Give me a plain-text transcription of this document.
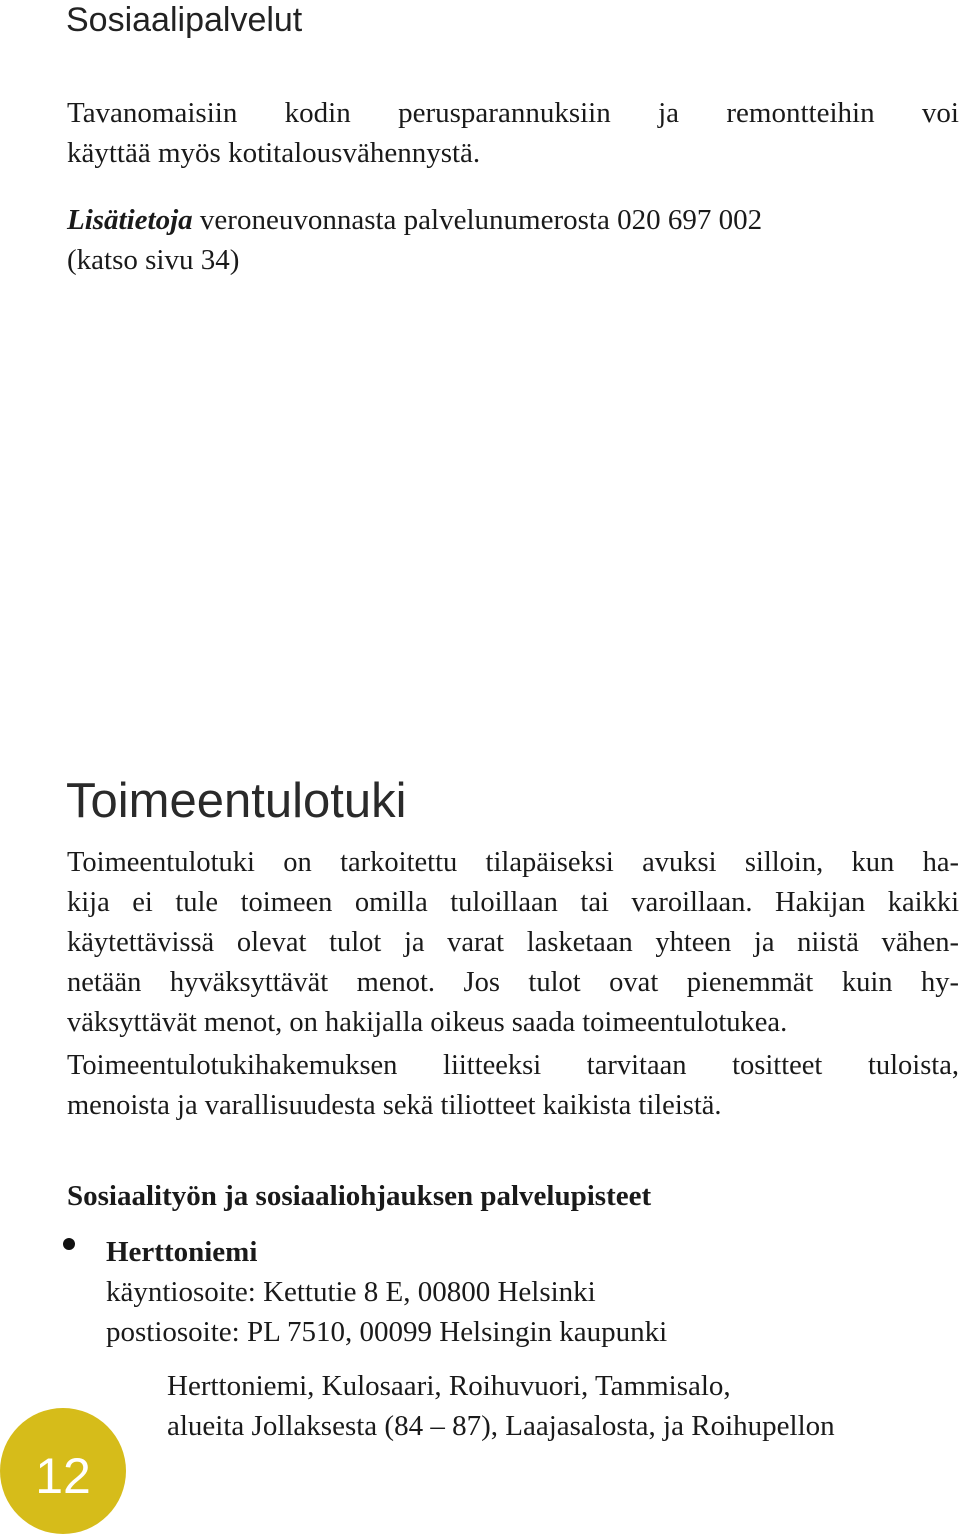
Sosiaalipalvelut

Tavanomaisiin kodin perusparannuksiin ja remontteihin voi
käyttää myös kotitalousvähennystä.

Lisätietoja veroneuvonnasta palvelunumerosta 020 697 002
(katso sivu 34)

Toimeentulotuki

Toimeentulotuki on tarkoitettu tilapäiseksi avuksi silloin, kun ha-
kija ei tule toimeen omilla tuloillaan tai varoillaan. Hakijan kaikki
käytettävissä olevat tulot ja varat lasketaan yhteen ja niistä vähen-
netään hyväksyttävät menot. Jos tulot ovat pienemmät kuin hy-
väksyttävät menot, on hakijalla oikeus saada toimeentulotukea.

Toimeentulotukihakemuksen liitteeksi tarvitaan tositteet tuloista,
menoista ja varallisuudesta sekä tiliotteet kaikista tileistä.

Sosiaalityön ja sosiaaliohjauksen palvelupisteet
Herttoniemi
käyntiosoite: Kettutie 8 E, 00800 Helsinki
postiosoite: PL 7510, 00099 Helsingin kaupunki
Herttoniemi, Kulosaari, Roihuvuori, Tammisalo,
alueita Jollaksesta (84 – 87), Laajasalosta, ja Roihupellon
12
